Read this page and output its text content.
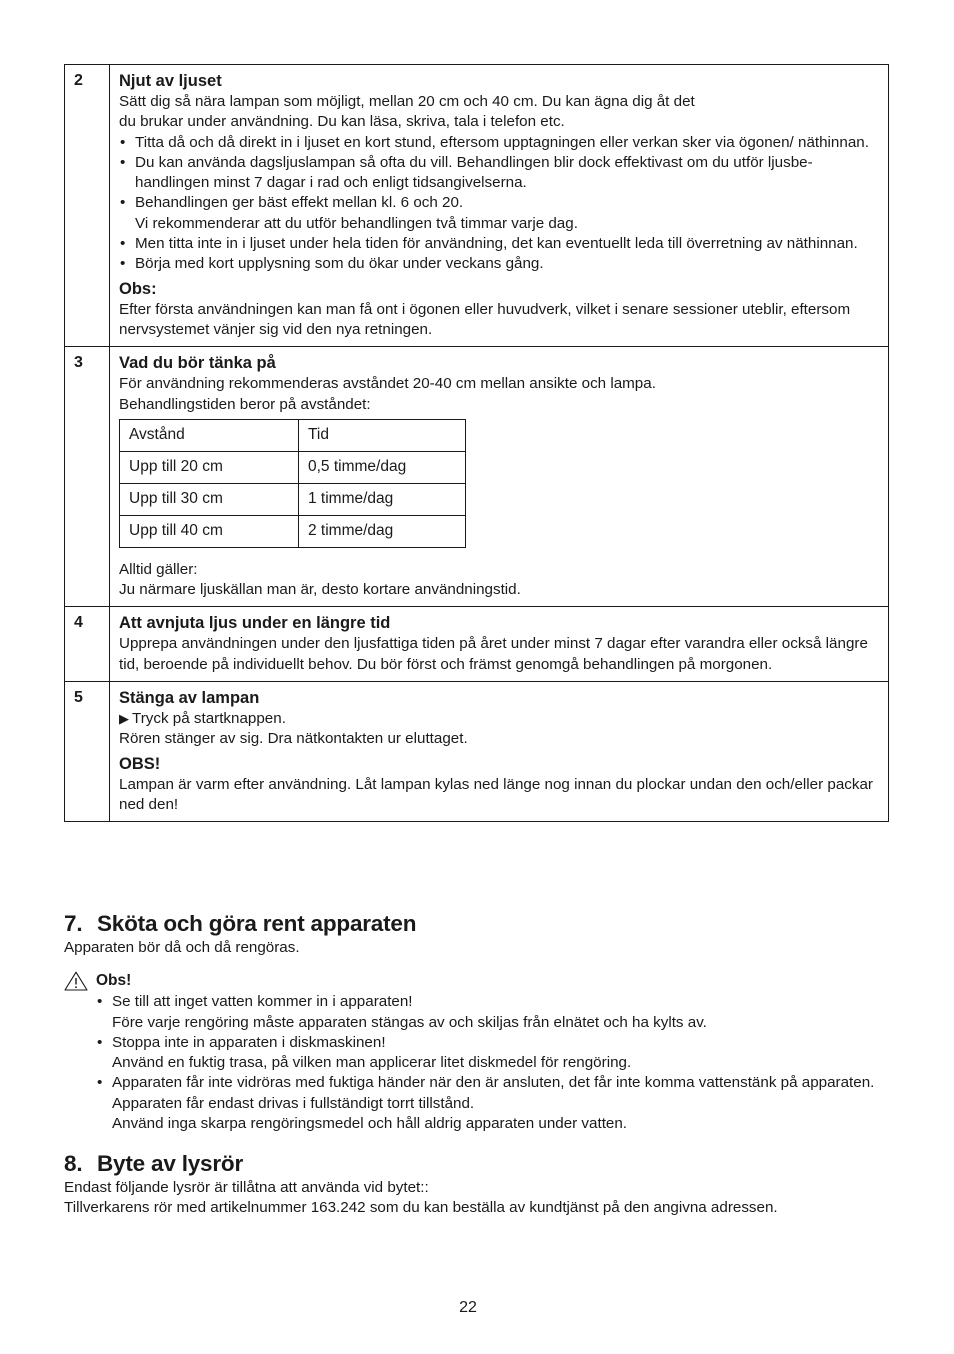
2	Njut av ljuset
Sätt dig så nära lampan som möjligt, mellan 20 cm och 40 cm. Du kan ägna dig åt det
du brukar under användning. Du kan läsa, skriva, tala i telefon etc.
• Titta då och då direkt in i ljuset en kort stund, eftersom upptagningen eller verkan sker via ögonen/ näthinnan.
• Du kan använda dagsljuslampan så ofta du vill. Behandlingen blir dock effektivast om du utför ljusbe- handlingen minst 7 dagar i rad och enligt tidsangivelserna.
• Behandlingen ger bäst effekt mellan kl. 6 och 20.
Vi rekommenderar att du utför behandlingen två timmar varje dag.
• Men titta inte in i ljuset under hela tiden för användning, det kan eventuellt leda till överretning av näthinnan.
• Börja med kort upplysning som du ökar under veckans gång.
Obs:
Efter första användningen kan man få ont i ögonen eller huvudverk, vilket i senare sessioner uteblir, eftersom nervsystemet vänjer sig vid den nya retningen.

3	Vad du bör tänka på
För användning rekommenderas avståndet 20-40 cm mellan ansikte och lampa.
Behandlingstiden beror på avståndet:
Avstånd	Tid
Upp till 20 cm	0,5 timme/dag
Upp till 30 cm	1 timme/dag
Upp till 40 cm	2 timme/dag
Alltid gäller:
Ju närmare ljuskällan man är, desto kortare användningstid.

4	Att avnjuta ljus under en längre tid
Upprepa användningen under den ljusfattiga tiden på året under minst 7 dagar efter varandra eller också längre tid, beroende på individuellt behov. Du bör först och främst genomgå behandlingen på morgonen.

5	Stänga av lampan
▶ Tryck på startknappen.
Rören stänger av sig. Dra nätkontakten ur eluttaget.
OBS!
Lampan är varm efter användning. Låt lampan kylas ned länge nog innan du plockar undan den och/eller packar ned den!
7. Sköta och göra rent apparaten
Apparaten bör då och då rengöras.
Obs!
• Se till att inget vatten kommer in i apparaten!
Före varje rengöring måste apparaten stängas av och skiljas från elnätet och ha kylts av.
• Stoppa inte in apparaten i diskmaskinen!
Använd en fuktig trasa, på vilken man applicerar litet diskmedel för rengöring.
• Apparaten får inte vidröras med fuktiga händer när den är ansluten, det får inte komma vattenstänk på apparaten. Apparaten får endast drivas i fullständigt torrt tillstånd.
Använd inga skarpa rengöringsmedel och håll aldrig apparaten under vatten.
8. Byte av lysrör
Endast följande lysrör är tillåtna att använda vid bytet::
Tillverkarens rör med artikelnummer 163.242 som du kan beställa av kundtjänst på den angivna adressen.
22
